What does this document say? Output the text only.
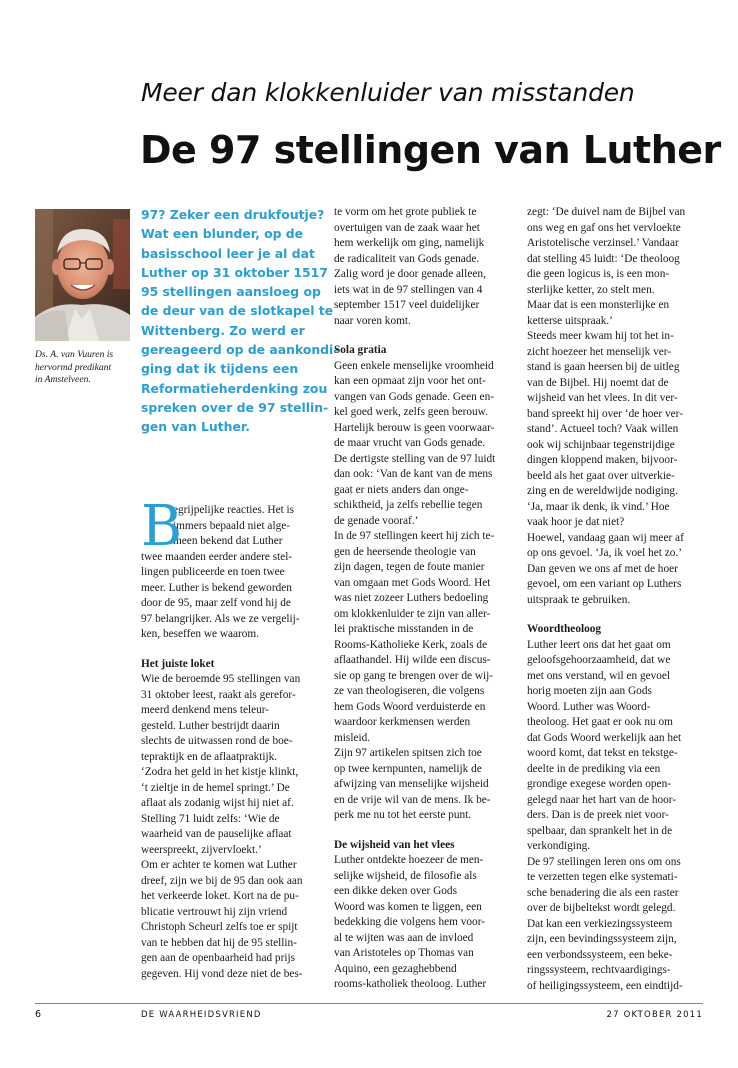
Meer dan klokkenluider van misstanden
De 97 stellingen van Luther
Ds. A. van Vuuren is
hervormd predikant
in Amstelveen.
97? Zeker een drukfoutje?
Wat een blunder, op de
basisschool leer je al dat
Luther op 31 oktober 1517
95 stellingen aansloeg op
de deur van de slotkapel te
Wittenberg. Zo werd er
gereageerd op de aankondi-
ging dat ik tijdens een
Reformatieherdenking zou
spreken over de 97 stellin-
gen van Luther.
B
egrijpelijke reacties. Het is
immers bepaald niet alge-
meen bekend dat Luther
twee maanden eerder andere stel-
lingen publiceerde en toen twee
meer. Luther is bekend geworden
door de 95, maar zelf vond hij de
97 belangrijker. Als we ze vergelij-
ken, beseffen we waarom.
Het juiste loket
Wie de beroemde 95 stellingen van
31 oktober leest, raakt als gerefor-
meerd denkend mens teleur-
gesteld. Luther bestrijdt daarin
slechts de uitwassen rond de boe-
tepraktijk en de aflaatpraktijk.
‘Zodra het geld in het kistje klinkt,
‘t zieltje in de hemel springt.’ De
aflaat als zodanig wijst hij niet af.
Stelling 71 luidt zelfs: ‘Wie de
waarheid van de pauselijke aflaat
weerspreekt, zijvervloekt.’
Om er achter te komen wat Luther
dreef, zijn we bij de 95 dan ook aan
het verkeerde loket. Kort na de pu-
blicatie vertrouwt hij zijn vriend
Christoph Scheurl zelfs toe er spijt
van te hebben dat hij de 95 stellin-
gen aan de openbaarheid had prijs
gegeven. Hij vond deze niet de bes-
te vorm om het grote publiek te
overtuigen van de zaak waar het
hem werkelijk om ging, namelijk
de radicaliteit van Gods genade.
Zalig word je door genade alleen,
iets wat in de 97 stellingen van 4
september 1517 veel duidelijker
naar voren komt.
Sola gratia
Geen enkele menselijke vroomheid
kan een opmaat zijn voor het ont-
vangen van Gods genade. Geen en-
kel goed werk, zelfs geen berouw.
Hartelijk berouw is geen voorwaar-
de maar vrucht van Gods genade.
De dertigste stelling van de 97 luidt
dan ook: ‘Van de kant van de mens
gaat er niets anders dan onge-
schiktheid, ja zelfs rebellie tegen
de genade vooraf.’
In de 97 stellingen keert hij zich te-
gen de heersende theologie van
zijn dagen, tegen de foute manier
van omgaan met Gods Woord. Het
was niet zozeer Luthers bedoeling
om klokkenluider te zijn van aller-
lei praktische misstanden in de
Rooms-Katholieke Kerk, zoals de
aflaathandel. Hij wilde een discus-
sie op gang te brengen over de wij-
ze van theologiseren, die volgens
hem Gods Woord verduisterde en
waardoor kerkmensen werden
misleid.
Zijn 97 artikelen spitsen zich toe
op twee kernpunten, namelijk de
afwijzing van menselijke wijsheid
en de vrije wil van de mens. Ik be-
perk me nu tot het eerste punt.
De wijsheid van het vlees
Luther ontdekte hoezeer de men-
selijke wijsheid, de filosofie als
een dikke deken over Gods
Woord was komen te liggen, een
bedekking die volgens hem voor-
al te wijten was aan de invloed
van Aristoteles op Thomas van
Aquino, een gezaghebbend
rooms-katholiek theoloog. Luther
zegt: ‘De duivel nam de Bijbel van
ons weg en gaf ons het vervloekte
Aristotelische verzinsel.’ Vandaar
dat stelling 45 luidt: ‘De theoloog
die geen logicus is, is een mon-
sterlijke ketter, zo stelt men.
Maar dat is een monsterlijke en
ketterse uitspraak.’
Steeds meer kwam hij tot het in-
zicht hoezeer het menselijk ver-
stand is gaan heersen bij de uitleg
van de Bijbel. Hij noemt dat de
wijsheid van het vlees. In dit ver-
band spreekt hij over ‘de hoer ver-
stand’. Actueel toch? Vaak willen
ook wij schijnbaar tegenstrijdige
dingen kloppend maken, bijvoor-
beeld als het gaat over uitverkie-
zing en de wereldwijde nodiging.
‘Ja, maar ik denk, ik vind.’ Hoe
vaak hoor je dat niet?
Hoewel, vandaag gaan wij meer af
op ons gevoel. ‘Ja, ik voel het zo.’
Dan geven we ons af met de hoer
gevoel, om een variant op Luthers
uitspraak te gebruiken.
Woordtheoloog
Luther leert ons dat het gaat om
geloofsgehoorzaamheid, dat we
met ons verstand, wil en gevoel
horig moeten zijn aan Gods
Woord. Luther was Woord-
theoloog. Het gaat er ook nu om
dat Gods Woord werkelijk aan het
woord komt, dat tekst en tekstge-
deelte in de prediking via een
grondige exegese worden open-
gelegd naar het hart van de hoor-
ders. Dan is de preek niet voor-
spelbaar, dan sprankelt het in de
verkondiging.
De 97 stellingen leren ons om ons
te verzetten tegen elke systemati-
sche benadering die als een raster
over de bijbeltekst wordt gelegd.
Dat kan een verkiezingssysteem
zijn, een bevindingssysteem zijn,
een verbondssysteem, een beke-
ringssysteem, rechtvaardigings-
of heiligingssysteem, een eindtijd-
6	DE WAARHEIDSVRIEND	27 OKTOBER 2011
